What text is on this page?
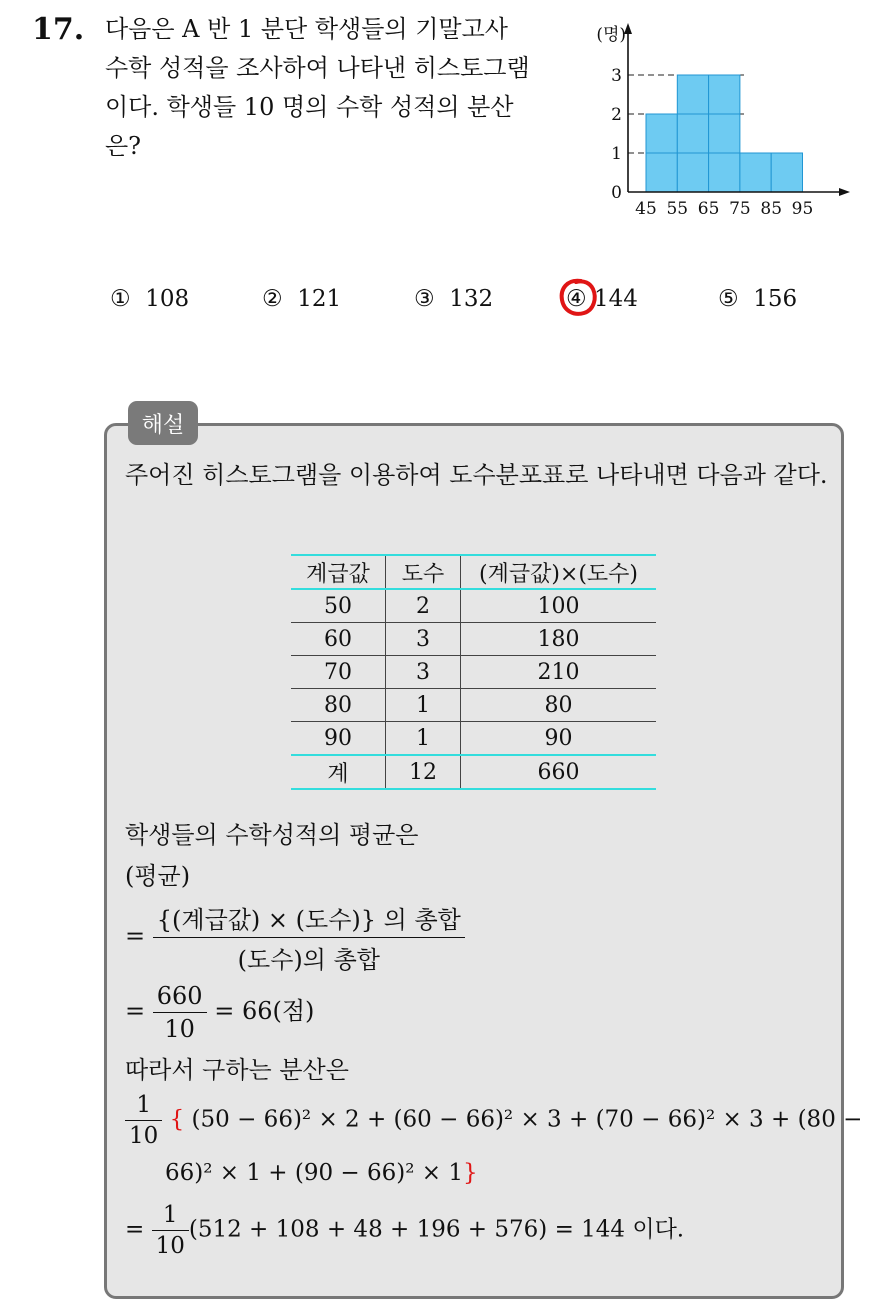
17. 다음은 A 반 1 분단 학생들의 기말고사
수학 성적을 조사하여 나타낸 히스토그램
이다. 학생들 10 명의 수학 성적의 분산
은?
0
1
2
3
45 55 65 75 85 95
(명)
① 108	② 121	③ 132	④ 144	⑤ 156
해설
주어진 히스토그램을 이용하여 도수분포표로 나타내면 다음과 같다.
계급값	도수	(계급값)×(도수)
50	2	100
60	3	180
70	3	210
80	1	80
90	1	90
계	12	660
학생들의 수학성적의 평균은
(평균)
= $\frac{\text{\{(계급값) × (도수)\} 의 총합}}{\text{(도수)의 총합}}$
= $\frac{660}{10} = 66$(점)
따라서 구하는 분산은
$\frac{1}{10}$ { (50 − 66)² × 2 + (60 − 66)² × 3 + (70 − 66)² × 3 + (80 −
66)² × 1 + (90 − 66)² × 1}
= $\frac{1}{10} (512 + 108 + 48 + 196 + 576) = 144$ 이다.
